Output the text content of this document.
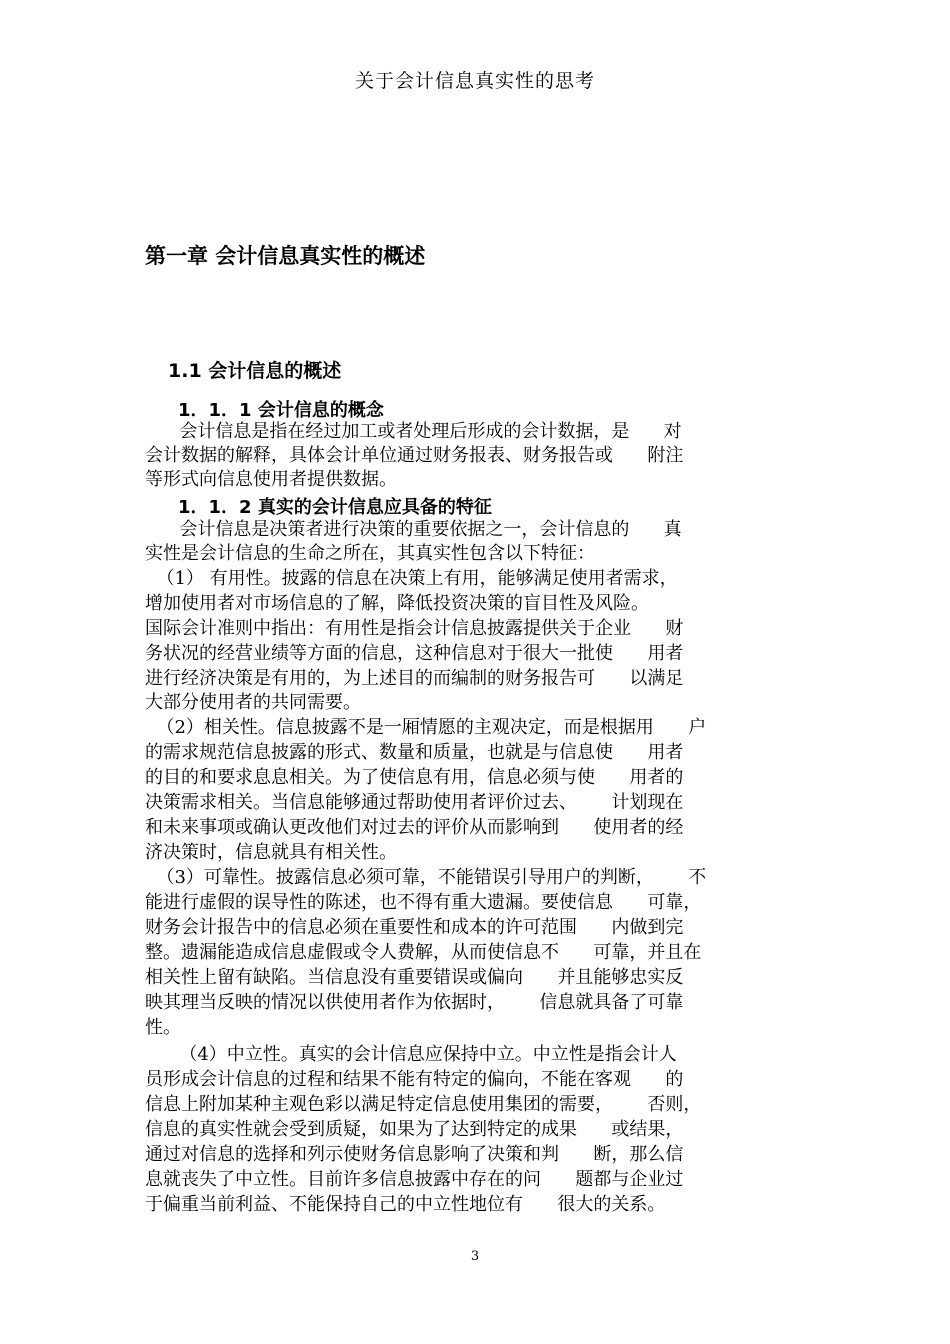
关于会计信息真实性的思考
第一章 会计信息真实性的概述
1.1 会计信息的概述
1．1．1 会计信息的概念
会计信息是指在经过加工或者处理后形成的会计数据，是      对
会计数据的解释，具体会计单位通过财务报表、财务报告或      附注
等形式向信息使用者提供数据。
1．1．2 真实的会计信息应具备的特征
会计信息是决策者进行决策的重要依据之一，会计信息的      真
实性是会计信息的生命之所在，其真实性包含以下特征：
（1） 有用性。披露的信息在决策上有用，能够满足使用者需求，
增加使用者对市场信息的了解，降低投资决策的盲目性及风险。
国际会计准则中指出：有用性是指会计信息披露提供关于企业      财
务状况的经营业绩等方面的信息，这种信息对于很大一批使      用者
进行经济决策是有用的，为上述目的而编制的财务报告可      以满足
大部分使用者的共同需要。
（2）相关性。信息披露不是一厢情愿的主观决定，而是根据用      户
的需求规范信息披露的形式、数量和质量，也就是与信息使      用者
的目的和要求息息相关。为了使信息有用，信息必须与使      用者的
决策需求相关。当信息能够通过帮助使用者评价过去、      计划现在
和未来事项或确认更改他们对过去的评价从而影响到      使用者的经
济决策时，信息就具有相关性。
（3）可靠性。披露信息必须可靠，不能错误引导用户的判断，      不
能进行虚假的误导性的陈述，也不得有重大遗漏。要使信息      可靠，
财务会计报告中的信息必须在重要性和成本的许可范围      内做到完
整。遗漏能造成信息虚假或令人费解，从而使信息不      可靠，并且在
相关性上留有缺陷。当信息没有重要错误或偏向      并且能够忠实反
映其理当反映的情况以供使用者作为依据时，      信息就具备了可靠
性。
（4）中立性。真实的会计信息应保持中立。中立性是指会计人
员形成会计信息的过程和结果不能有特定的偏向，不能在客观      的
信息上附加某种主观色彩以满足特定信息使用集团的需要，      否则，
信息的真实性就会受到质疑，如果为了达到特定的成果      或结果，
通过对信息的选择和列示使财务信息影响了决策和判      断，那么信
息就丧失了中立性。目前许多信息披露中存在的问      题都与企业过
于偏重当前利益、不能保持自己的中立性地位有      很大的关系。
3
